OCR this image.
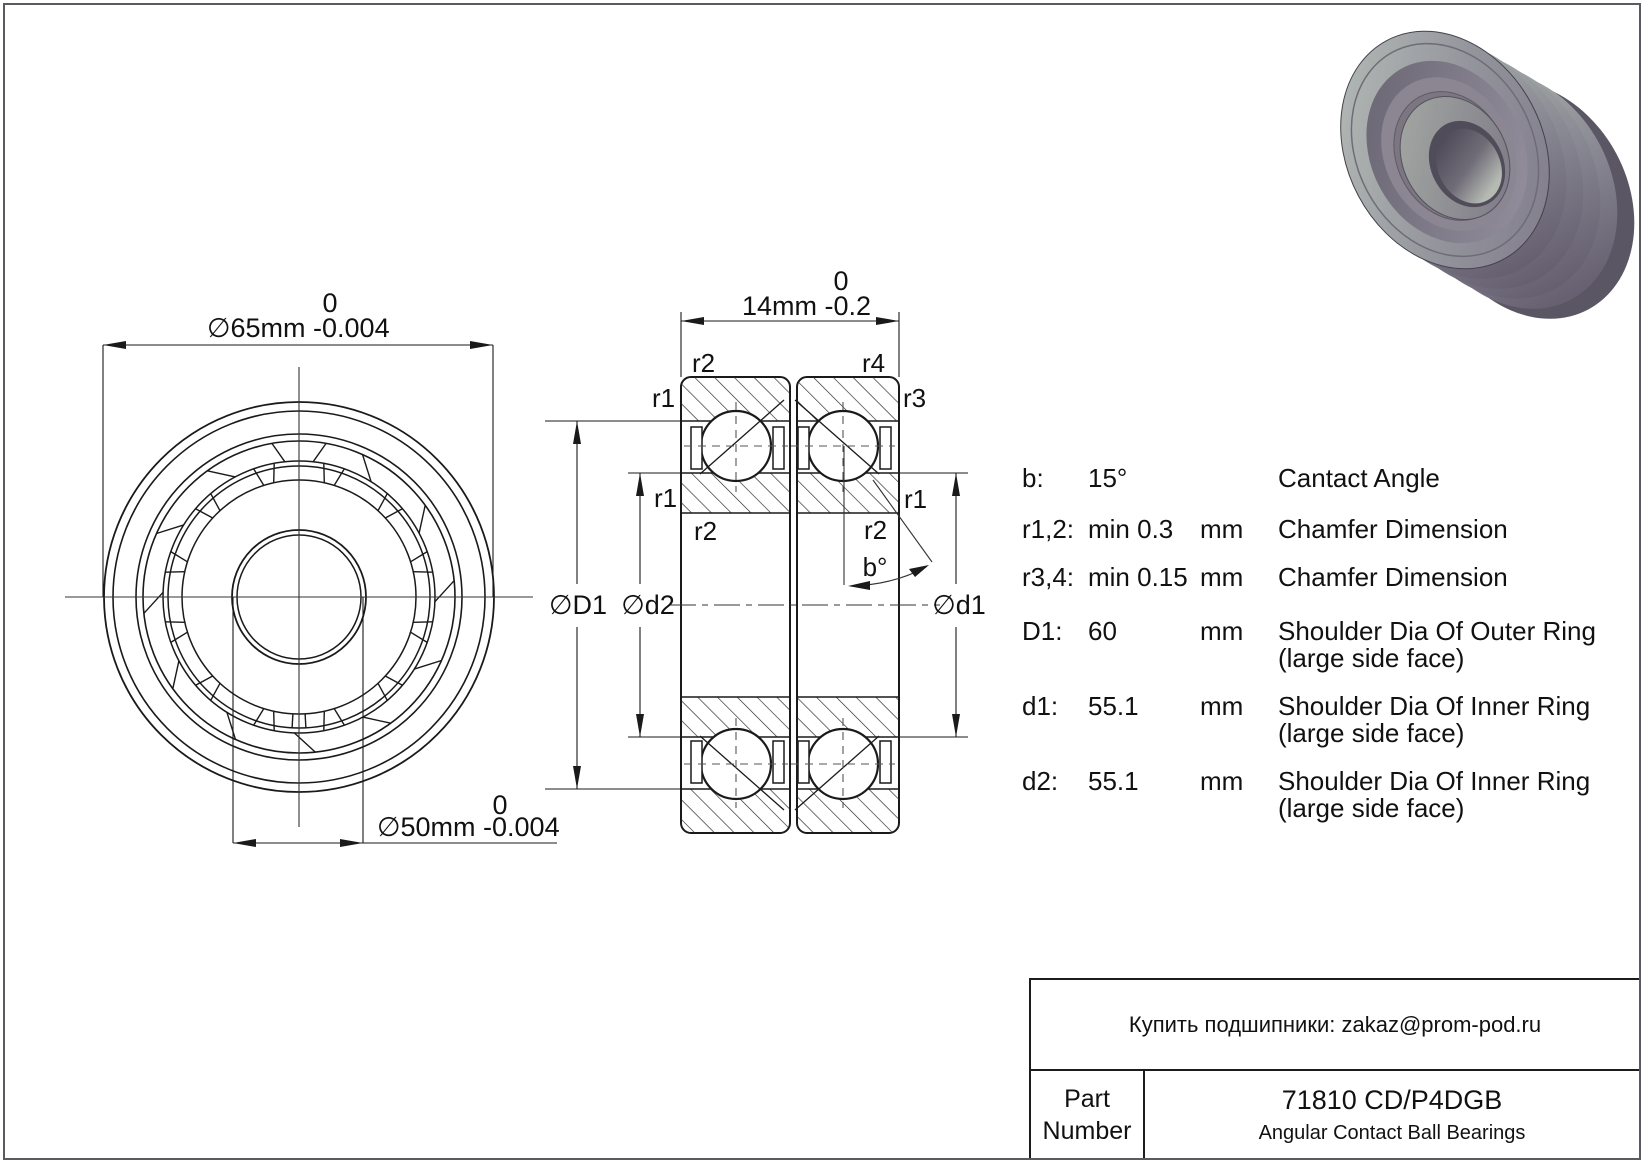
0
∅65mm -0.004
0
∅50mm -0.004
0
14mm -0.2
∅D1 ∅d2	∅d1
b°
r2	r4
r1	r3
r1	r1
r2	r2
b: 15°	Cantact Angle
r1,2: min 0.3 mm Chamfer Dimension
r3,4: min 0.15 mm Chamfer Dimension
D1: 60	mm Shoulder Dia Of Outer Ring
(large side face)
d1: 55.1 mm Shoulder Dia Of Inner Ring
(large side face)
d2: 55.1 mm Shoulder Dia Of Inner Ring
(large side face)
Купить подшипники: zakaz@prom-pod.ru
Part
Number
71810 CD/P4DGB
Angular Contact Ball Bearings
